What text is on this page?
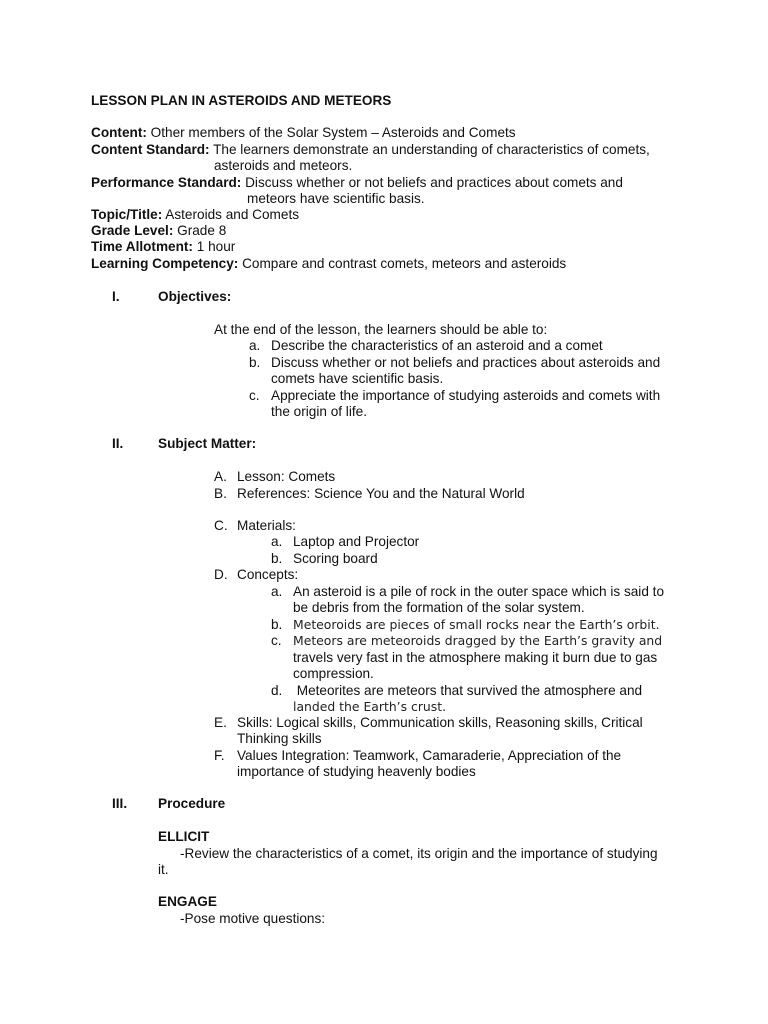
LESSON PLAN IN ASTEROIDS AND METEORS
Content: Other members of the Solar System – Asteroids and Comets
Content Standard: The learners demonstrate an understanding of characteristics of comets,
asteroids and meteors.
Performance Standard: Discuss whether or not beliefs and practices about comets and
meteors have scientific basis.
Topic/Title: Asteroids and Comets
Grade Level: Grade 8
Time Allotment: 1 hour
Learning Competency: Compare and contrast comets, meteors and asteroids
I.	Objectives:
At the end of the lesson, the learners should be able to:
a. Describe the characteristics of an asteroid and a comet
b. Discuss whether or not beliefs and practices about asteroids and
comets have scientific basis.
c. Appreciate the importance of studying asteroids and comets with
the origin of life.
II.	Subject Matter:
A. Lesson: Comets
B. References: Science You and the Natural World
C. Materials:
a. Laptop and Projector
b. Scoring board
D. Concepts:
a. An asteroid is a pile of rock in the outer space which is said to
be debris from the formation of the solar system.
b. Meteoroids are pieces of small rocks near the Earth’s orbit.
c. Meteors are meteoroids dragged by the Earth’s gravity and
travels very fast in the atmosphere making it burn due to gas
compression.
d. Meteorites are meteors that survived the atmosphere and
landed the Earth’s crust.
E. Skills: Logical skills, Communication skills, Reasoning skills, Critical
Thinking skills
F. Values Integration: Teamwork, Camaraderie, Appreciation of the
importance of studying heavenly bodies
III. Procedure
ELLICIT
-Review the characteristics of a comet, its origin and the importance of studying
it.
ENGAGE
-Pose motive questions:
